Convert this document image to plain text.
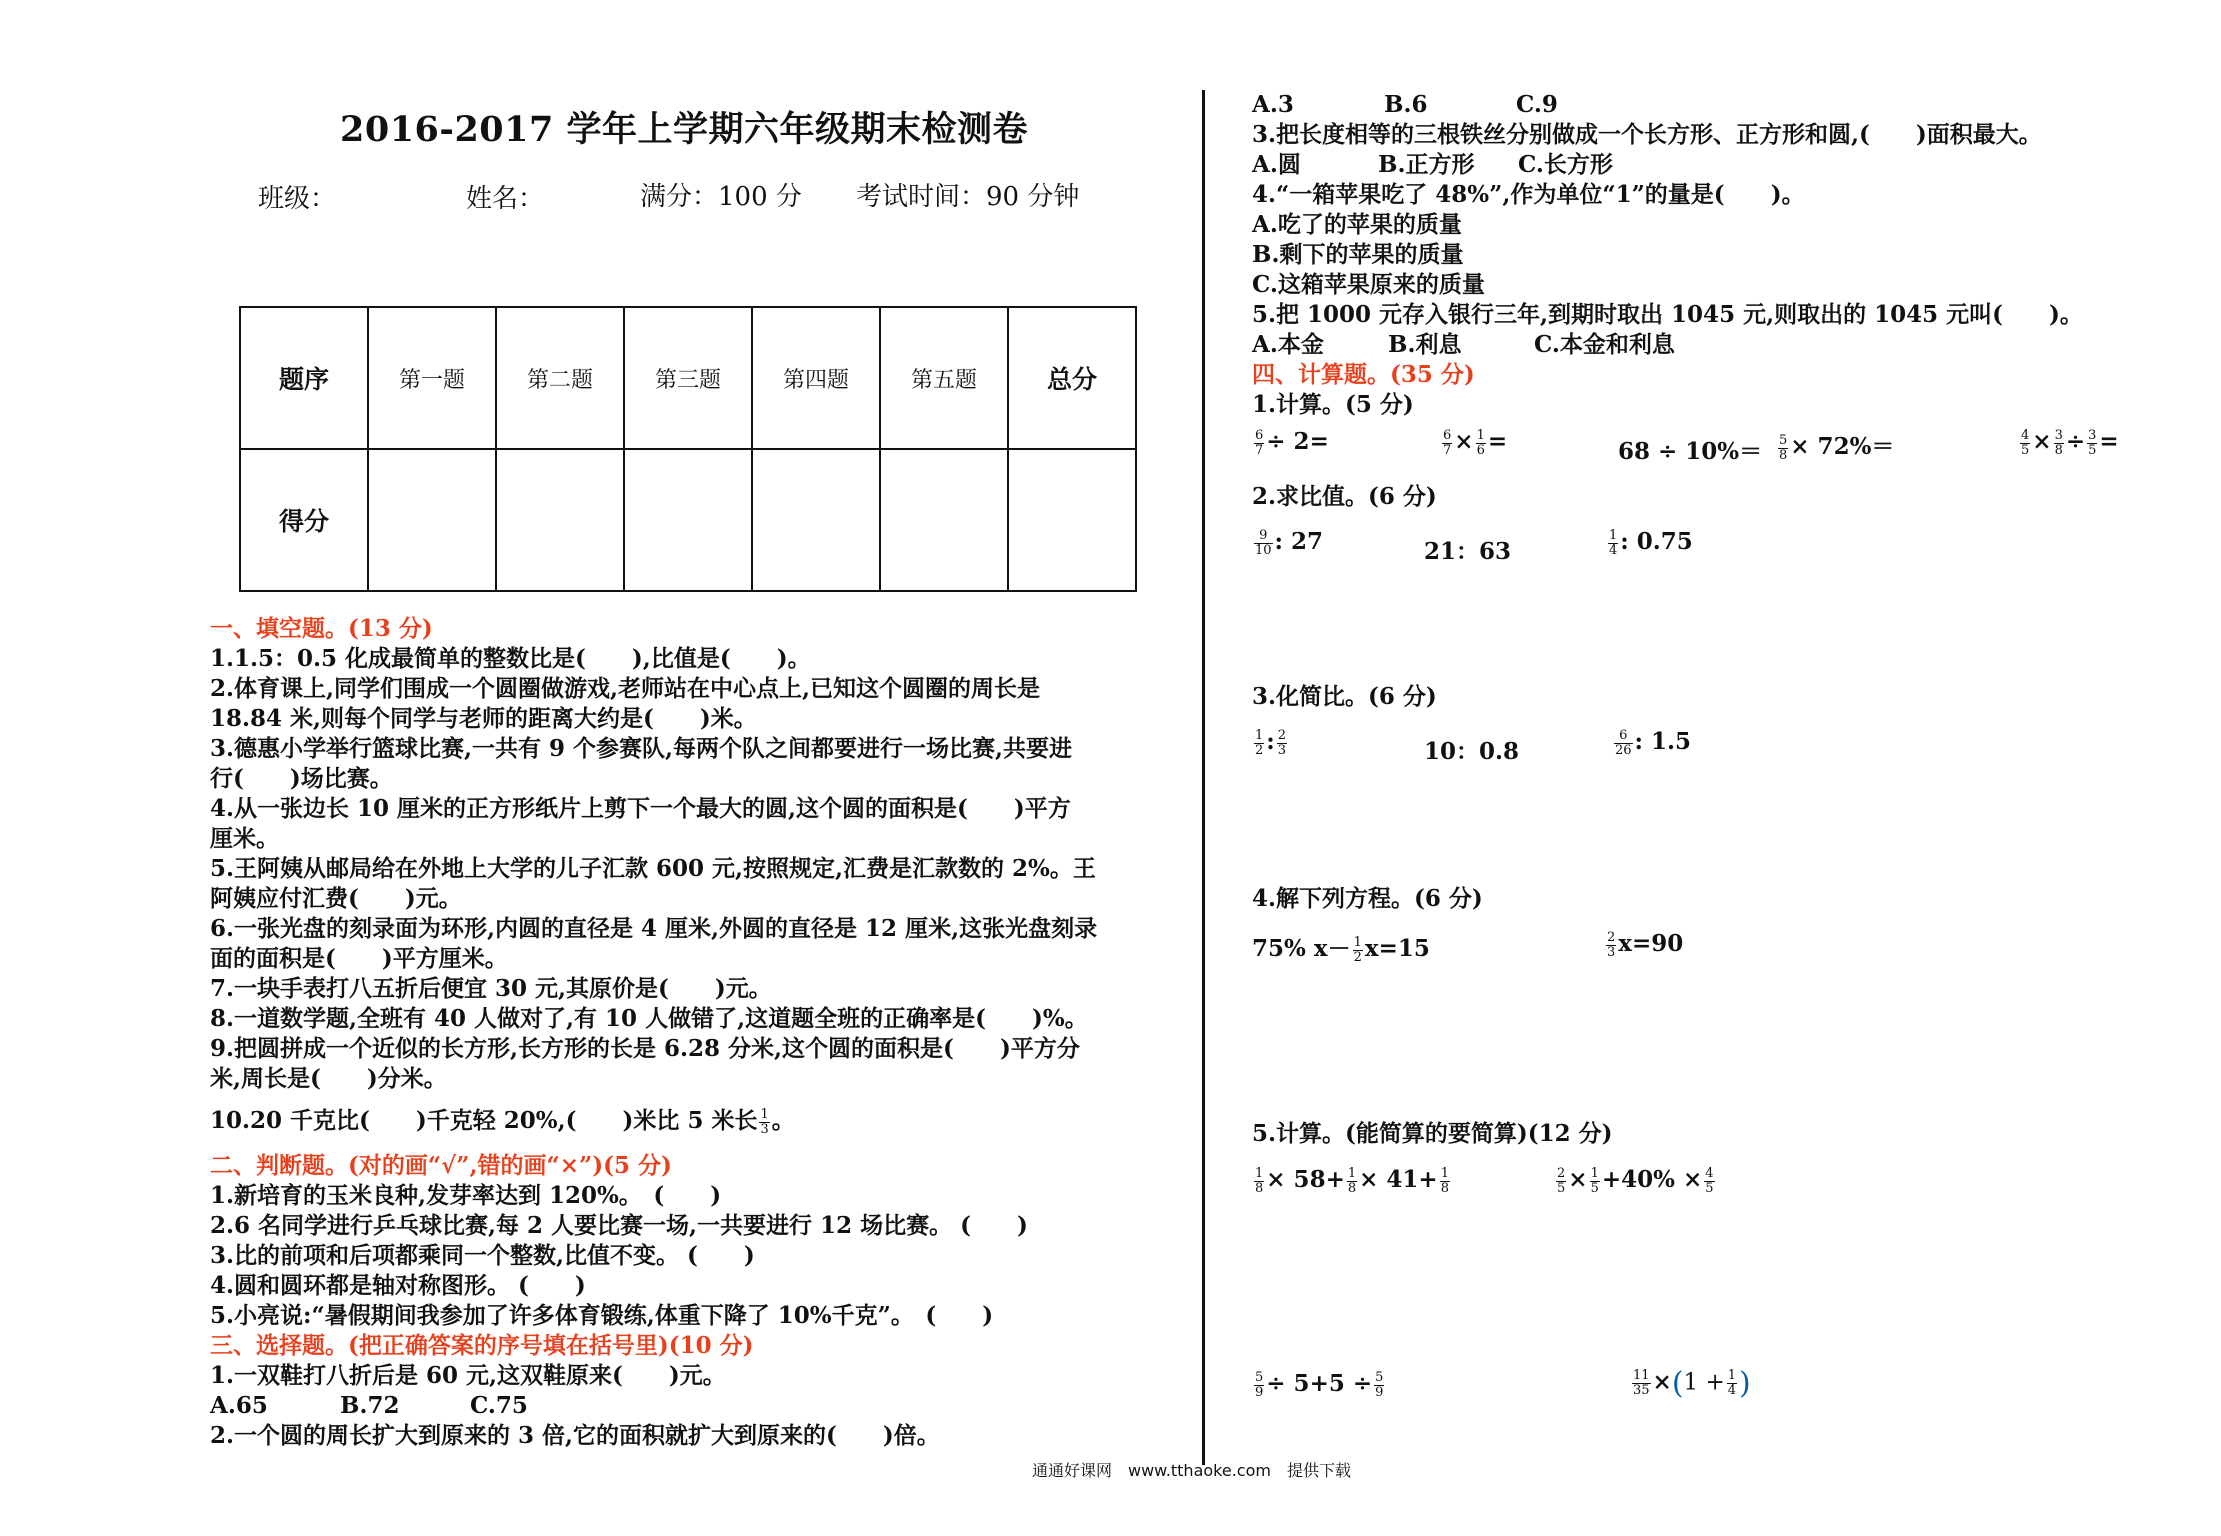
2016-2017 学年上学期六年级期末检测卷
班级：	姓名：	满分：100 分 考试时间：90 分钟
题序	第一题	第二题	第三题	第四题	第五题	总分
得分						
一、填空题。(13 分)
1.1.5：0.5 化成最简单的整数比是(　　),比值是(　　)。
2.体育课上,同学们围成一个圆圈做游戏,老师站在中心点上,已知这个圆圈的周长是
18.84 米,则每个同学与老师的距离大约是(　　)米。
3.德惠小学举行篮球比赛,一共有 9 个参赛队,每两个队之间都要进行一场比赛,共要进
行(　　)场比赛。
4.从一张边长 10 厘米的正方形纸片上剪下一个最大的圆,这个圆的面积是(　　)平方
厘米。
5.王阿姨从邮局给在外地上大学的儿子汇款 600 元,按照规定,汇费是汇款数的 2%。王
阿姨应付汇费(　　)元。
6.一张光盘的刻录面为环形,内圆的直径是 4 厘米,外圆的直径是 12 厘米,这张光盘刻录
面的面积是(　　)平方厘米。
7.一块手表打八五折后便宜 30 元,其原价是(　　)元。
8.一道数学题,全班有 40 人做对了,有 10 人做错了,这道题全班的正确率是(　　)%。
9.把圆拼成一个近似的长方形,长方形的长是 6.28 分米,这个圆的面积是(　　)平方分
米,周长是(　　)分米。
10.20 千克比(　　)千克轻 20%,(　　)米比 5 米长 $\frac{1}{3}$ 。
二、判断题。(对的画“√”,错的画“×”)(5 分)
1.新培育的玉米良种,发芽率达到 120%。　(　　)
2.6 名同学进行乒乓球比赛,每 2 人要比赛一场,一共要进行 12 场比赛。 (　　)
3.比的前项和后项都乘同一个整数,比值不变。 (　　)
4.圆和圆环都是轴对称图形。 (　　)
5.小亮说:“暑假期间我参加了许多体育锻练,体重下降了 10%千克”。　(　　)
三、选择题。(把正确答案的序号填在括号里)(10 分)
1.一双鞋打八折后是 60 元,这双鞋原来(　　)元。
A.65	B.72	C.75
2.一个圆的周长扩大到原来的 3 倍,它的面积就扩大到原来的(　　)倍。
A.3	B.6	C.9
3.把长度相等的三根铁丝分别做成一个长方形、正方形和圆,(　　)面积最大。
A.圆	B.正方形 C.长方形
4.“一箱苹果吃了 48%”,作为单位“1”的量是(　　)。
A.吃了的苹果的质量
B.剩下的苹果的质量
C.这箱苹果原来的质量
5.把 1000 元存入银行三年,到期时取出 1045 元,则取出的 1045 元叫(　　)。
A.本金	B.利息	C.本金和利息
四、计算题。(35 分)
1.计算。(5 分)
$\frac{6}{7} \div 2=$	$\frac{6}{7} \times \frac{1}{6}$ =	$68 \div 10\%= \frac{5}{8} \times 72\%=$	$\frac{4}{5} \times \frac{3}{8} \div \frac{3}{5}$ =
2.求比值。(6 分)
$\frac{9}{10}$ : 27	21：63	$\frac{1}{4}$ : 0.75
3.化简比。(6 分)
$\frac{1}{2}$ : $\frac{2}{3}$	10：0.8	$\frac{6}{26}$ : 1.5
4.解下列方程。(6 分)
75% $x- \frac{1}{2} x=15$	$\frac{2}{3} x=90$
5.计算。(能简算的要简算)(12 分)
$\frac{1}{8} \times 58+ \frac{1}{8} \times 41+ \frac{1}{8}$	$\frac{2}{5} \times \frac{1}{5} +40\% \times \frac{4}{5}$
$\frac{5}{9} \div 5+5 \div \frac{5}{9}$	$\frac{11}{35} \times(1 + \frac{1}{4}$ )
通通好课网　www.tthaoke.com　提供下载
